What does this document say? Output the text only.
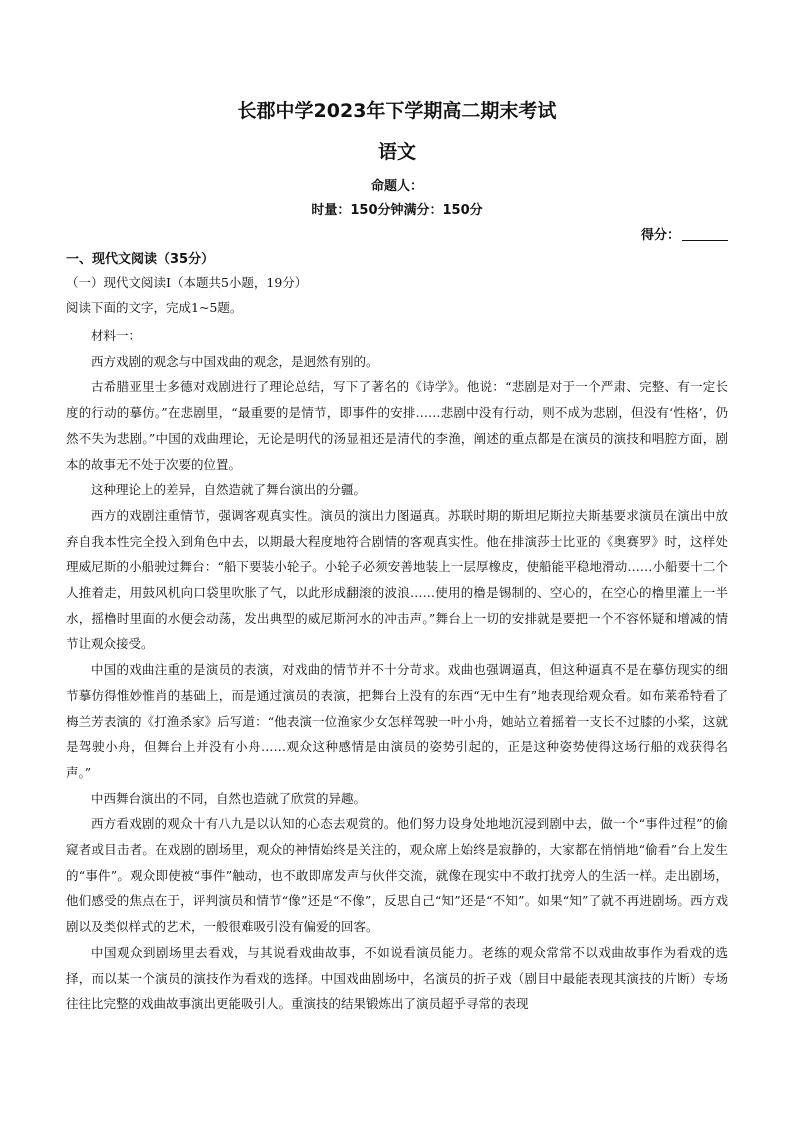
长郡中学2023年下学期高二期末考试
语文
命题人：
时量：150分钟满分：150分
得分：
一、现代文阅读（35分）
（一）现代文阅读Ⅰ（本题共5小题，19分）
阅读下面的文字，完成1~5题。

材料一：

西方戏剧的观念与中国戏曲的观念，是迥然有别的。

古希腊亚里士多德对戏剧进行了理论总结，写下了著名的《诗学》。他说：“悲剧是对于一个严肃、完整、有一定长度的行动的摹仿。”在悲剧里，“最重要的是情节，即事件的安排……悲剧中没有行动，则不成为悲剧，但没有‘性格’，仍然不失为悲剧。”中国的戏曲理论，无论是明代的汤显祖还是清代的李渔，阐述的重点都是在演员的演技和唱腔方面，剧本的故事无不处于次要的位置。

这种理论上的差异，自然造就了舞台演出的分疆。

西方的戏剧注重情节，强调客观真实性。演员的演出力图逼真。苏联时期的斯坦尼斯拉夫斯基要求演员在演出中放弃自我本性完全投入到角色中去，以期最大程度地符合剧情的客观真实性。他在排演莎士比亚的《奥赛罗》时，这样处理威尼斯的小船驶过舞台：“船下要装小轮子。小轮子必须安善地装上一层厚橡皮，使船能平稳地滑动……小船要十二个人推着走，用鼓风机向口袋里吹胀了气，以此形成翻滚的波浪……使用的橹是锡制的、空心的，在空心的橹里灌上一半水，摇橹时里面的水便会动荡，发出典型的威尼斯河水的冲击声。”舞台上一切的安排就是要把一个不容怀疑和增减的情节让观众接受。

中国的戏曲注重的是演员的表演，对戏曲的情节并不十分苛求。戏曲也强调逼真，但这种逼真不是在摹仿现实的细节摹仿得惟妙惟肖的基础上，而是通过演员的表演，把舞台上没有的东西“无中生有”地表现给观众看。如布莱希特看了梅兰芳表演的《打渔杀家》后写道：“他表演一位渔家少女怎样驾驶一叶小舟，她站立着摇着一支长不过膝的小桨，这就是驾驶小舟，但舞台上并没有小舟……观众这种感情是由演员的姿势引起的，正是这种姿势使得这场行船的戏获得名声。”

中西舞台演出的不同，自然也造就了欣赏的异趣。

西方看戏剧的观众十有八九是以认知的心态去观赏的。他们努力设身处地地沉浸到剧中去，做一个“事件过程”的偷窥者或目击者。在戏剧的剧场里，观众的神情始终是关注的，观众席上始终是寂静的，大家都在悄悄地“偷看”台上发生的“事件”。观众即使被“事件”触动，也不敢即席发声与伙伴交流，就像在现实中不敢打扰旁人的生活一样。走出剧场，他们感受的焦点在于，评判演员和情节“像”还是“不像”，反思自己“知”还是“不知”。如果“知”了就不再进剧场。西方戏剧以及类似样式的艺术，一般很难吸引没有偏爱的回客。

中国观众到剧场里去看戏，与其说看戏曲故事，不如说看演员能力。老练的观众常常不以戏曲故事作为看戏的选择，而以某一个演员的演技作为看戏的选择。中国戏曲剧场中，名演员的折子戏（剧目中最能表现其演技的片断）专场往往比完整的戏曲故事演出更能吸引人。重演技的结果锻炼出了演员超乎寻常的表现
